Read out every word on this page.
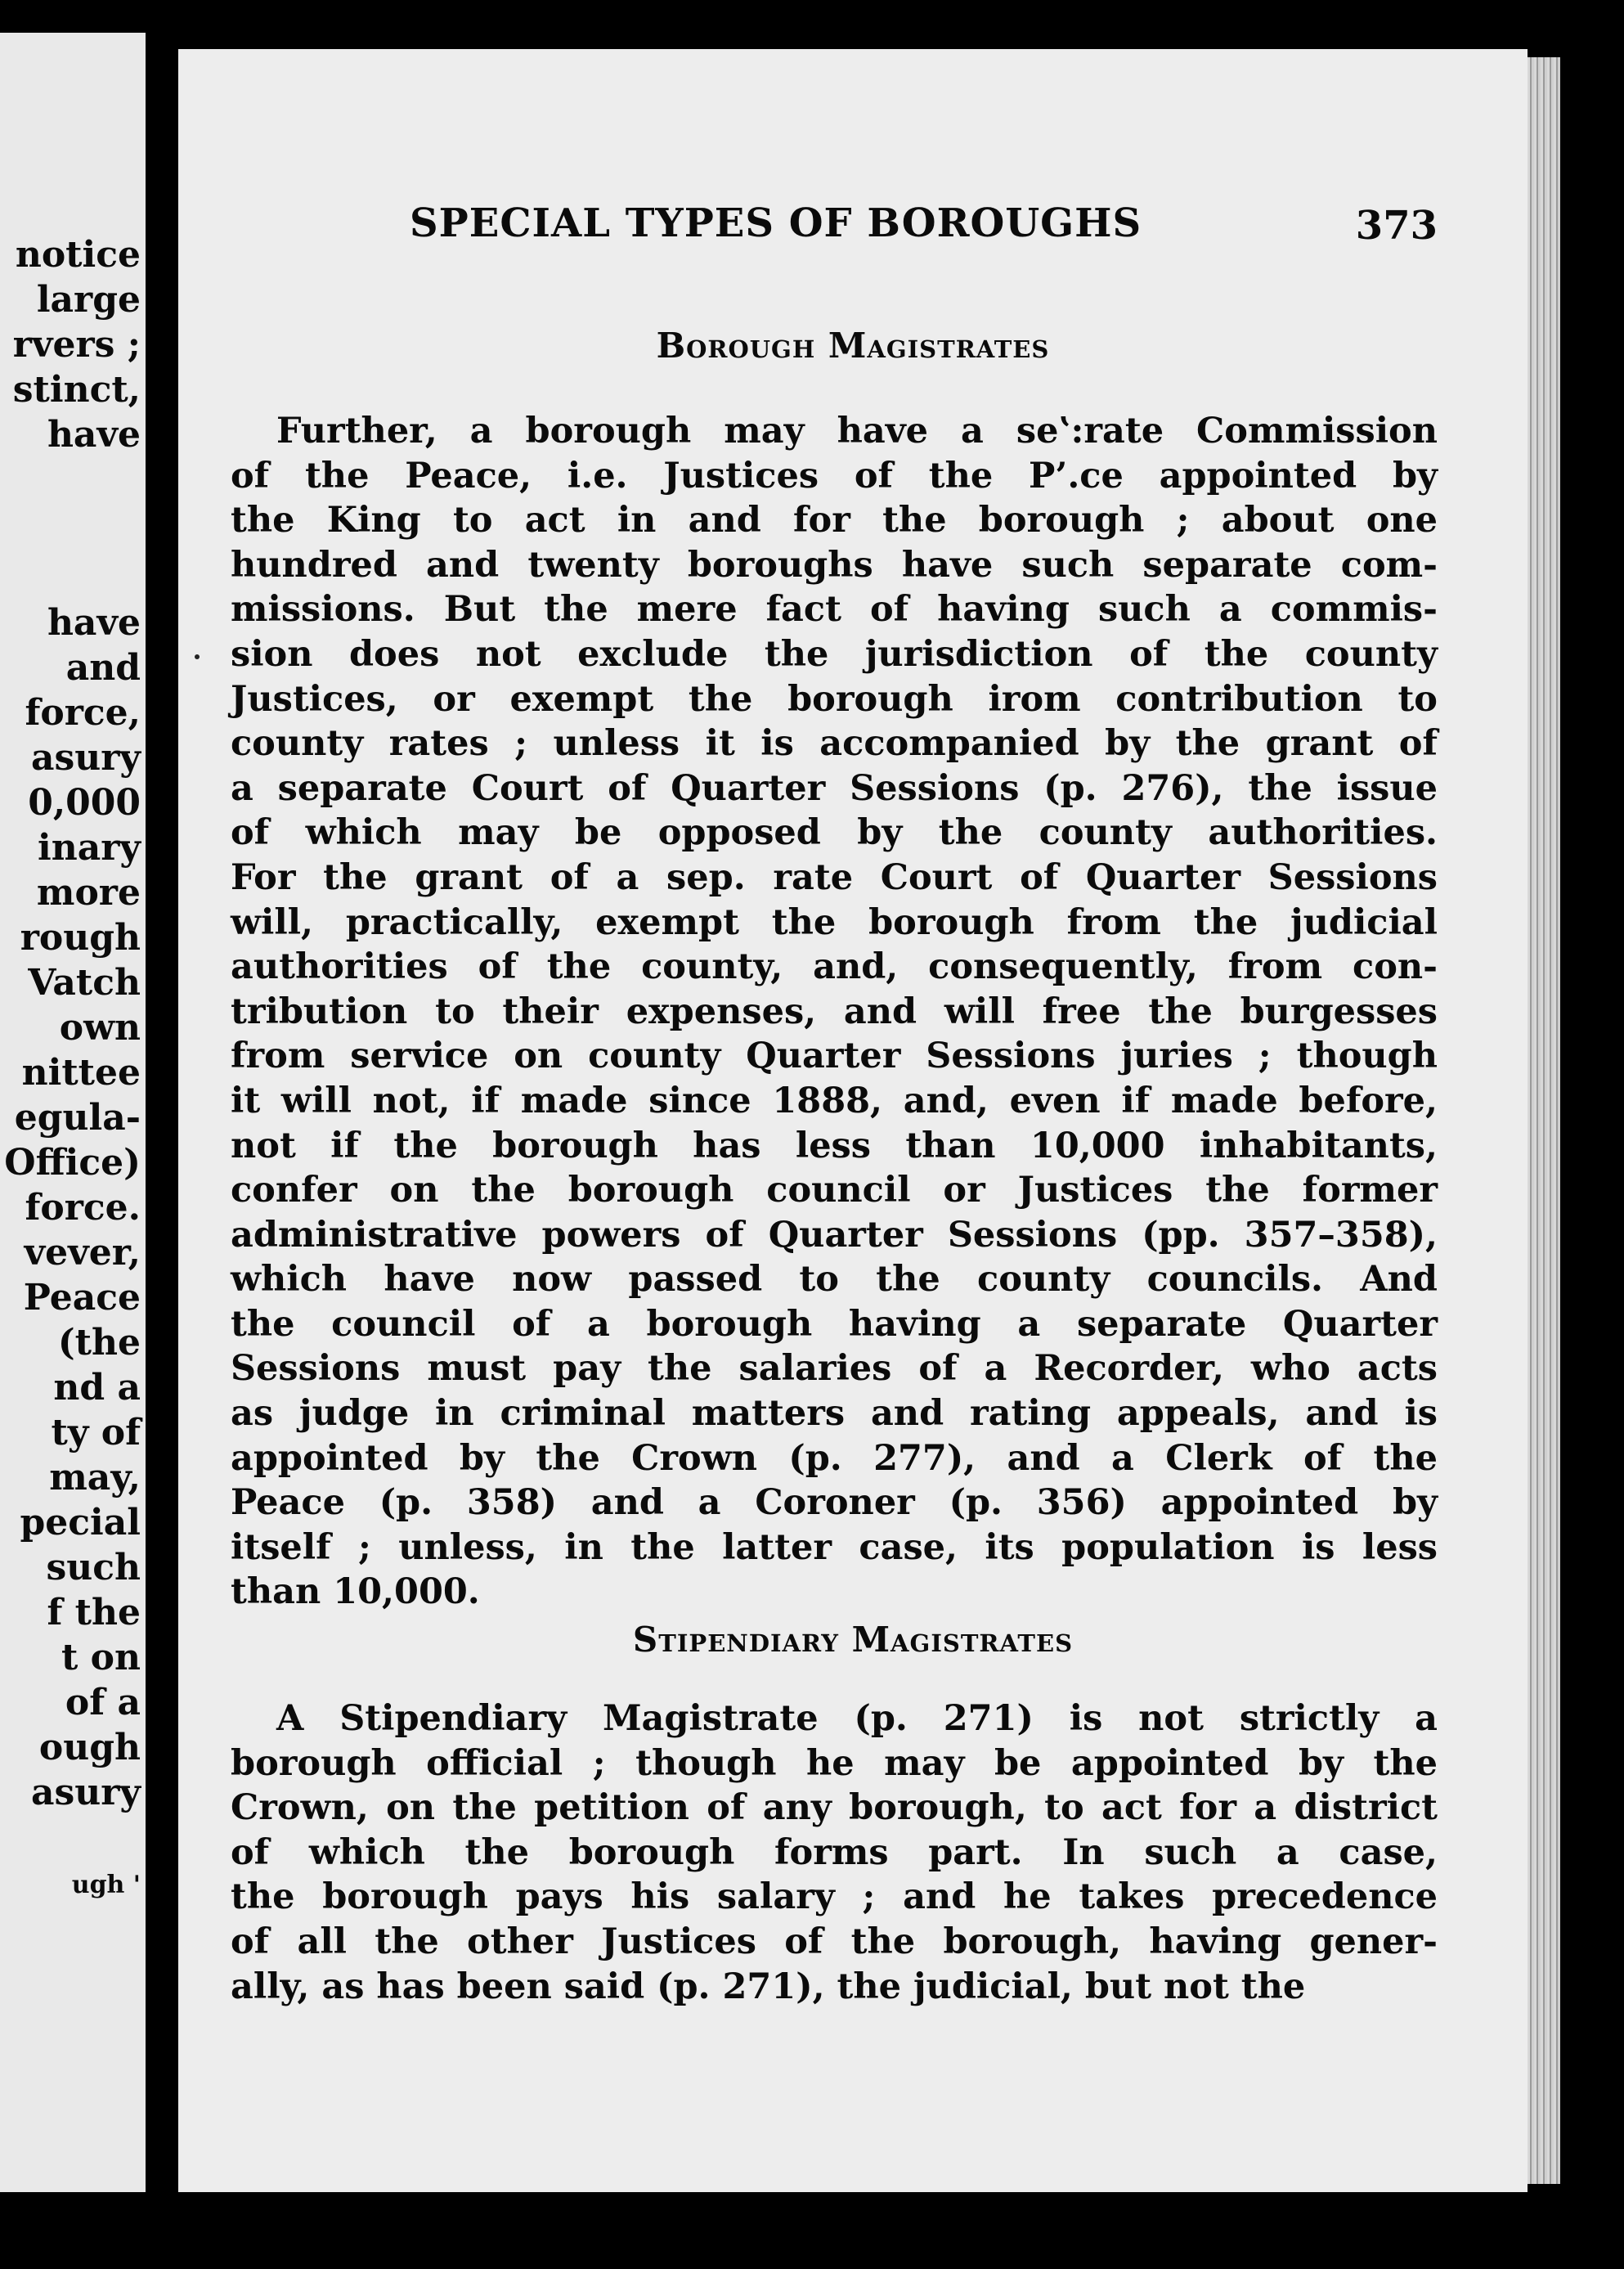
notice
large
rvers ;
stinct,
have
have
and
force,
asury
0,000
inary
more
rough
Vatch
own
nittee
egula-
Office)
force.
vever,
Peace
(the
nd a
ty of
may,
pecial
such
f the
t on
of a
ough
asury
ugh '
SPECIAL TYPES OF BOROUGHS	373
Borough Magistrates
Further, a borough may have a seʽ:rate Commission
of the Peace, i.e. Justices of the P’․ce appointed by
the King to act in and for the borough ; about one
hundred and twenty boroughs have such separate com-
missions. But the mere fact of having such a commis-
sion does not exclude the jurisdiction of the county
Justices, or exempt the borough irom contribution to
county rates ; unless it is accompanied by the grant of
a separate Court of Quarter Sessions (p. 276), the issue
of which may be opposed by the county authorities.
For the grant of a sep. rate Court of Quarter Sessions
will, practically, exempt the borough from the judicial
authorities of the county, and, consequently, from con-
tribution to their expenses, and will free the burgesses
from service on county Quarter Sessions juries ; though
it will not, if made since 1888, and, even if made before,
not if the borough has less than 10,000 inhabitants,
confer on the borough council or Justices the former
administrative powers of Quarter Sessions (pp. 357–358),
which have now passed to the county councils. And
the council of a borough having a separate Quarter
Sessions must pay the salaries of a Recorder, who acts
as judge in criminal matters and rating appeals, and is
appointed by the Crown (p. 277), and a Clerk of the
Peace (p. 358) and a Coroner (p. 356) appointed by
itself ; unless, in the latter case, its population is less
than 10,000.
Stipendiary Magistrates
A Stipendiary Magistrate (p. 271) is not strictly a
borough official ; though he may be appointed by the
Crown, on the petition of any borough, to act for a district
of which the borough forms part. In such a case,
the borough pays his salary ; and he takes precedence
of all the other Justices of the borough, having gener-
ally, as has been said (p. 271), the judicial, but not the
